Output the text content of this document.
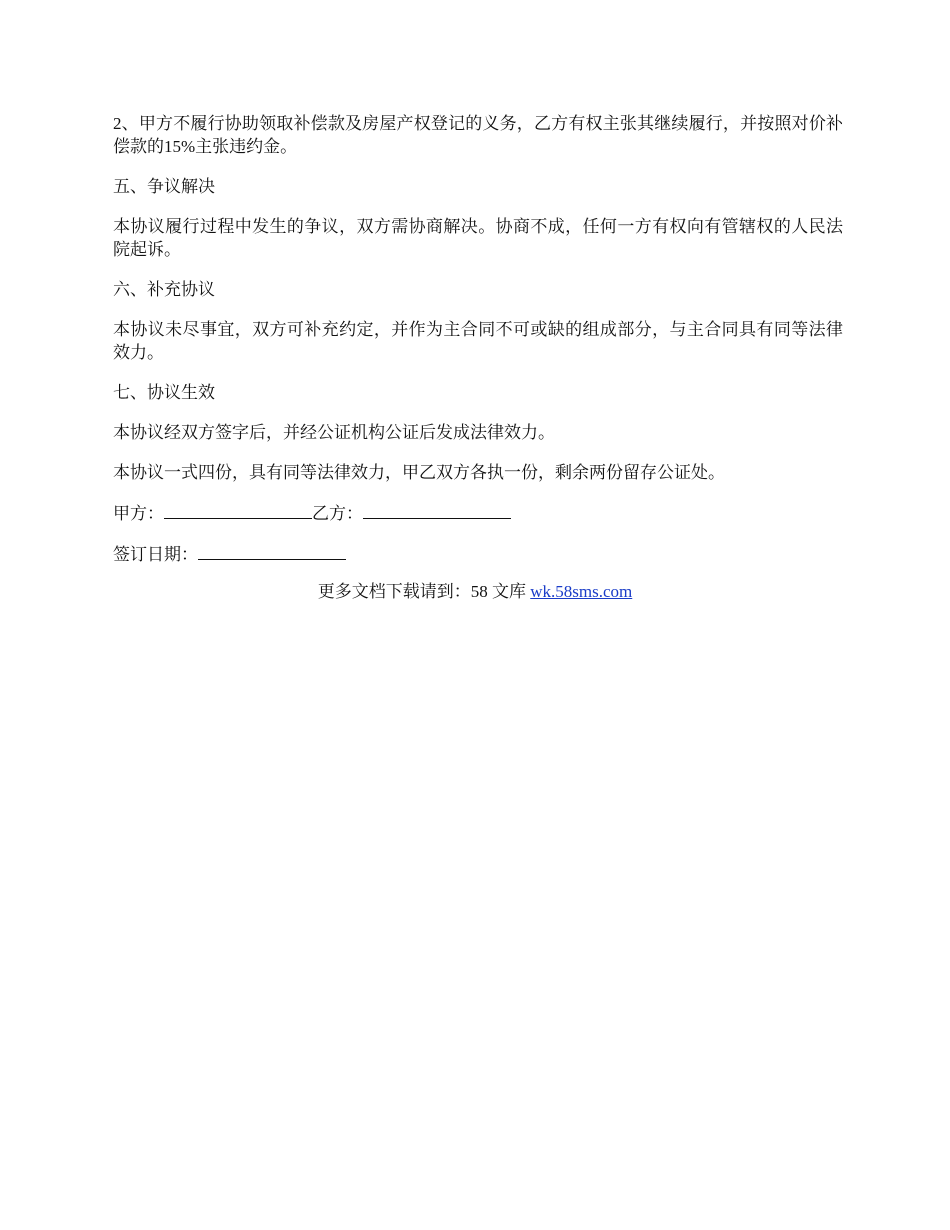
2、甲方不履行协助领取补偿款及房屋产权登记的义务，乙方有权主张其继续履行，并按照对价补偿款的15%主张违约金。

五、争议解决

本协议履行过程中发生的争议，双方需协商解决。协商不成，任何一方有权向有管辖权的人民法院起诉。

六、补充协议

本协议未尽事宜，双方可补充约定，并作为主合同不可或缺的组成部分，与主合同具有同等法律效力。

七、协议生效

本协议经双方签字后，并经公证机构公证后发成法律效力。

本协议一式四份，具有同等法律效力，甲乙双方各执一份，剩余两份留存公证处。

甲方：	乙方：

签订日期：

更多文档下载请到：58 文库 wk.58sms.com
